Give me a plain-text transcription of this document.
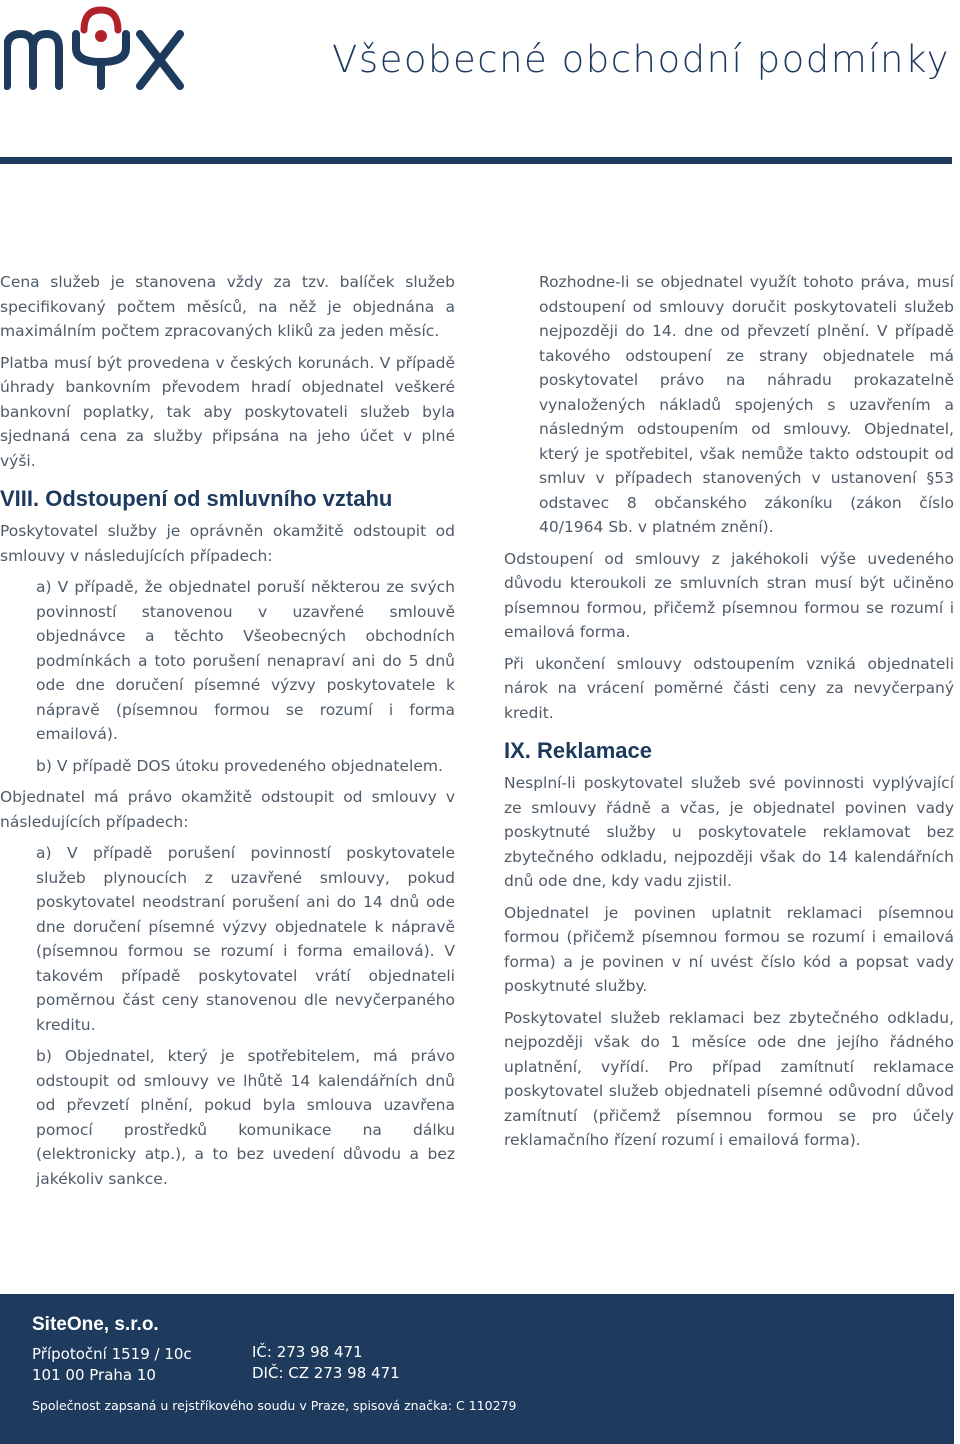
Všeobecné obchodní podmínky

Cena služeb je stanovena vždy za tzv. balíček služeb specifikovaný počtem měsíců, na něž je objednána a maximálním počtem zpracovaných kliků za jeden měsíc.

Platba musí být provedena v českých korunách. V případě úhrady bankovním převodem hradí objednatel veškeré bankovní poplatky, tak aby poskytovateli služeb byla sjednaná cena za služby připsána na jeho účet v plné výši.

VIII. Odstoupení od smluvního vztahu

Poskytovatel služby je oprávněn okamžitě odstoupit od smlouvy v následujících případech:

a) V případě, že objednatel poruší některou ze svých povinností stanovenou v uzavřené smlouvě objednávce a těchto Všeobecných obchodních podmínkách a toto porušení nenapraví ani do 5 dnů ode dne doručení písemné výzvy poskytovatele k nápravě (písemnou formou se rozumí i forma emailová).

b) V případě DOS útoku provedeného objednatelem.

Objednatel má právo okamžitě odstoupit od smlouvy v následujících případech:

a) V případě porušení povinností poskytovatele služeb plynoucích z uzavřené smlouvy, pokud poskytovatel neodstraní porušení ani do 14 dnů ode dne doručení písemné výzvy objednatele k nápravě (písemnou formou se rozumí i forma emailová). V takovém případě poskytovatel vrátí objednateli poměrnou část ceny stanovenou dle nevyčerpaného kreditu.

b) Objednatel, který je spotřebitelem, má právo odstoupit od smlouvy ve lhůtě 14 kalendářních dnů od převzetí plnění, pokud byla smlouva uzavřena pomocí prostředků komunikace na dálku (elektronicky atp.), a to bez uvedení důvodu a bez jakékoliv sankce.

Rozhodne-li se objednatel využít tohoto práva, musí odstoupení od smlouvy doručit poskytovateli služeb nejpozději do 14. dne od převzetí plnění. V případě takového odstoupení ze strany objednatele má poskytovatel právo na náhradu prokazatelně vynaložených nákladů spojených s uzavřením a následným odstoupením od smlouvy. Objednatel, který je spotřebitel, však nemůže takto odstoupit od smluv v případech stanovených v ustanovení §53 odstavec 8 občanského zákoníku (zákon číslo 40/1964 Sb. v platném znění).

Odstoupení od smlouvy z jakéhokoli výše uvedeného důvodu kteroukoli ze smluvních stran musí být učiněno písemnou formou, přičemž písemnou formou se rozumí i emailová forma.

Při ukončení smlouvy odstoupením vzniká objednateli nárok na vrácení poměrné části ceny za nevyčerpaný kredit.

IX. Reklamace

Nesplní-li poskytovatel služeb své povinnosti vyplývající ze smlouvy řádně a včas, je objednatel povinen vady poskytnuté služby u poskytovatele reklamovat bez zbytečného odkladu, nejpozději však do 14 kalendářních dnů ode dne, kdy vadu zjistil.

Objednatel je povinen uplatnit reklamaci písemnou formou (přičemž písemnou formou se rozumí i emailová forma) a je povinen v ní uvést číslo kód a popsat vady poskytnuté služby.

Poskytovatel služeb reklamaci bez zbytečného odkladu, nejpozději však do 1 měsíce ode dne jejího řádného uplatnění, vyřídí. Pro případ zamítnutí reklamace poskytovatel služeb objednateli písemné odůvodní důvod zamítnutí (přičemž písemnou formou se pro účely reklamačního řízení rozumí i emailová forma).

SiteOne, s.r.o.
Přípotoční 1519 / 10c
101 00 Praha 10
IČ: 273 98 471
DIČ: CZ 273 98 471
Společnost zapsaná u rejstříkového soudu v Praze, spisová značka: C 110279
